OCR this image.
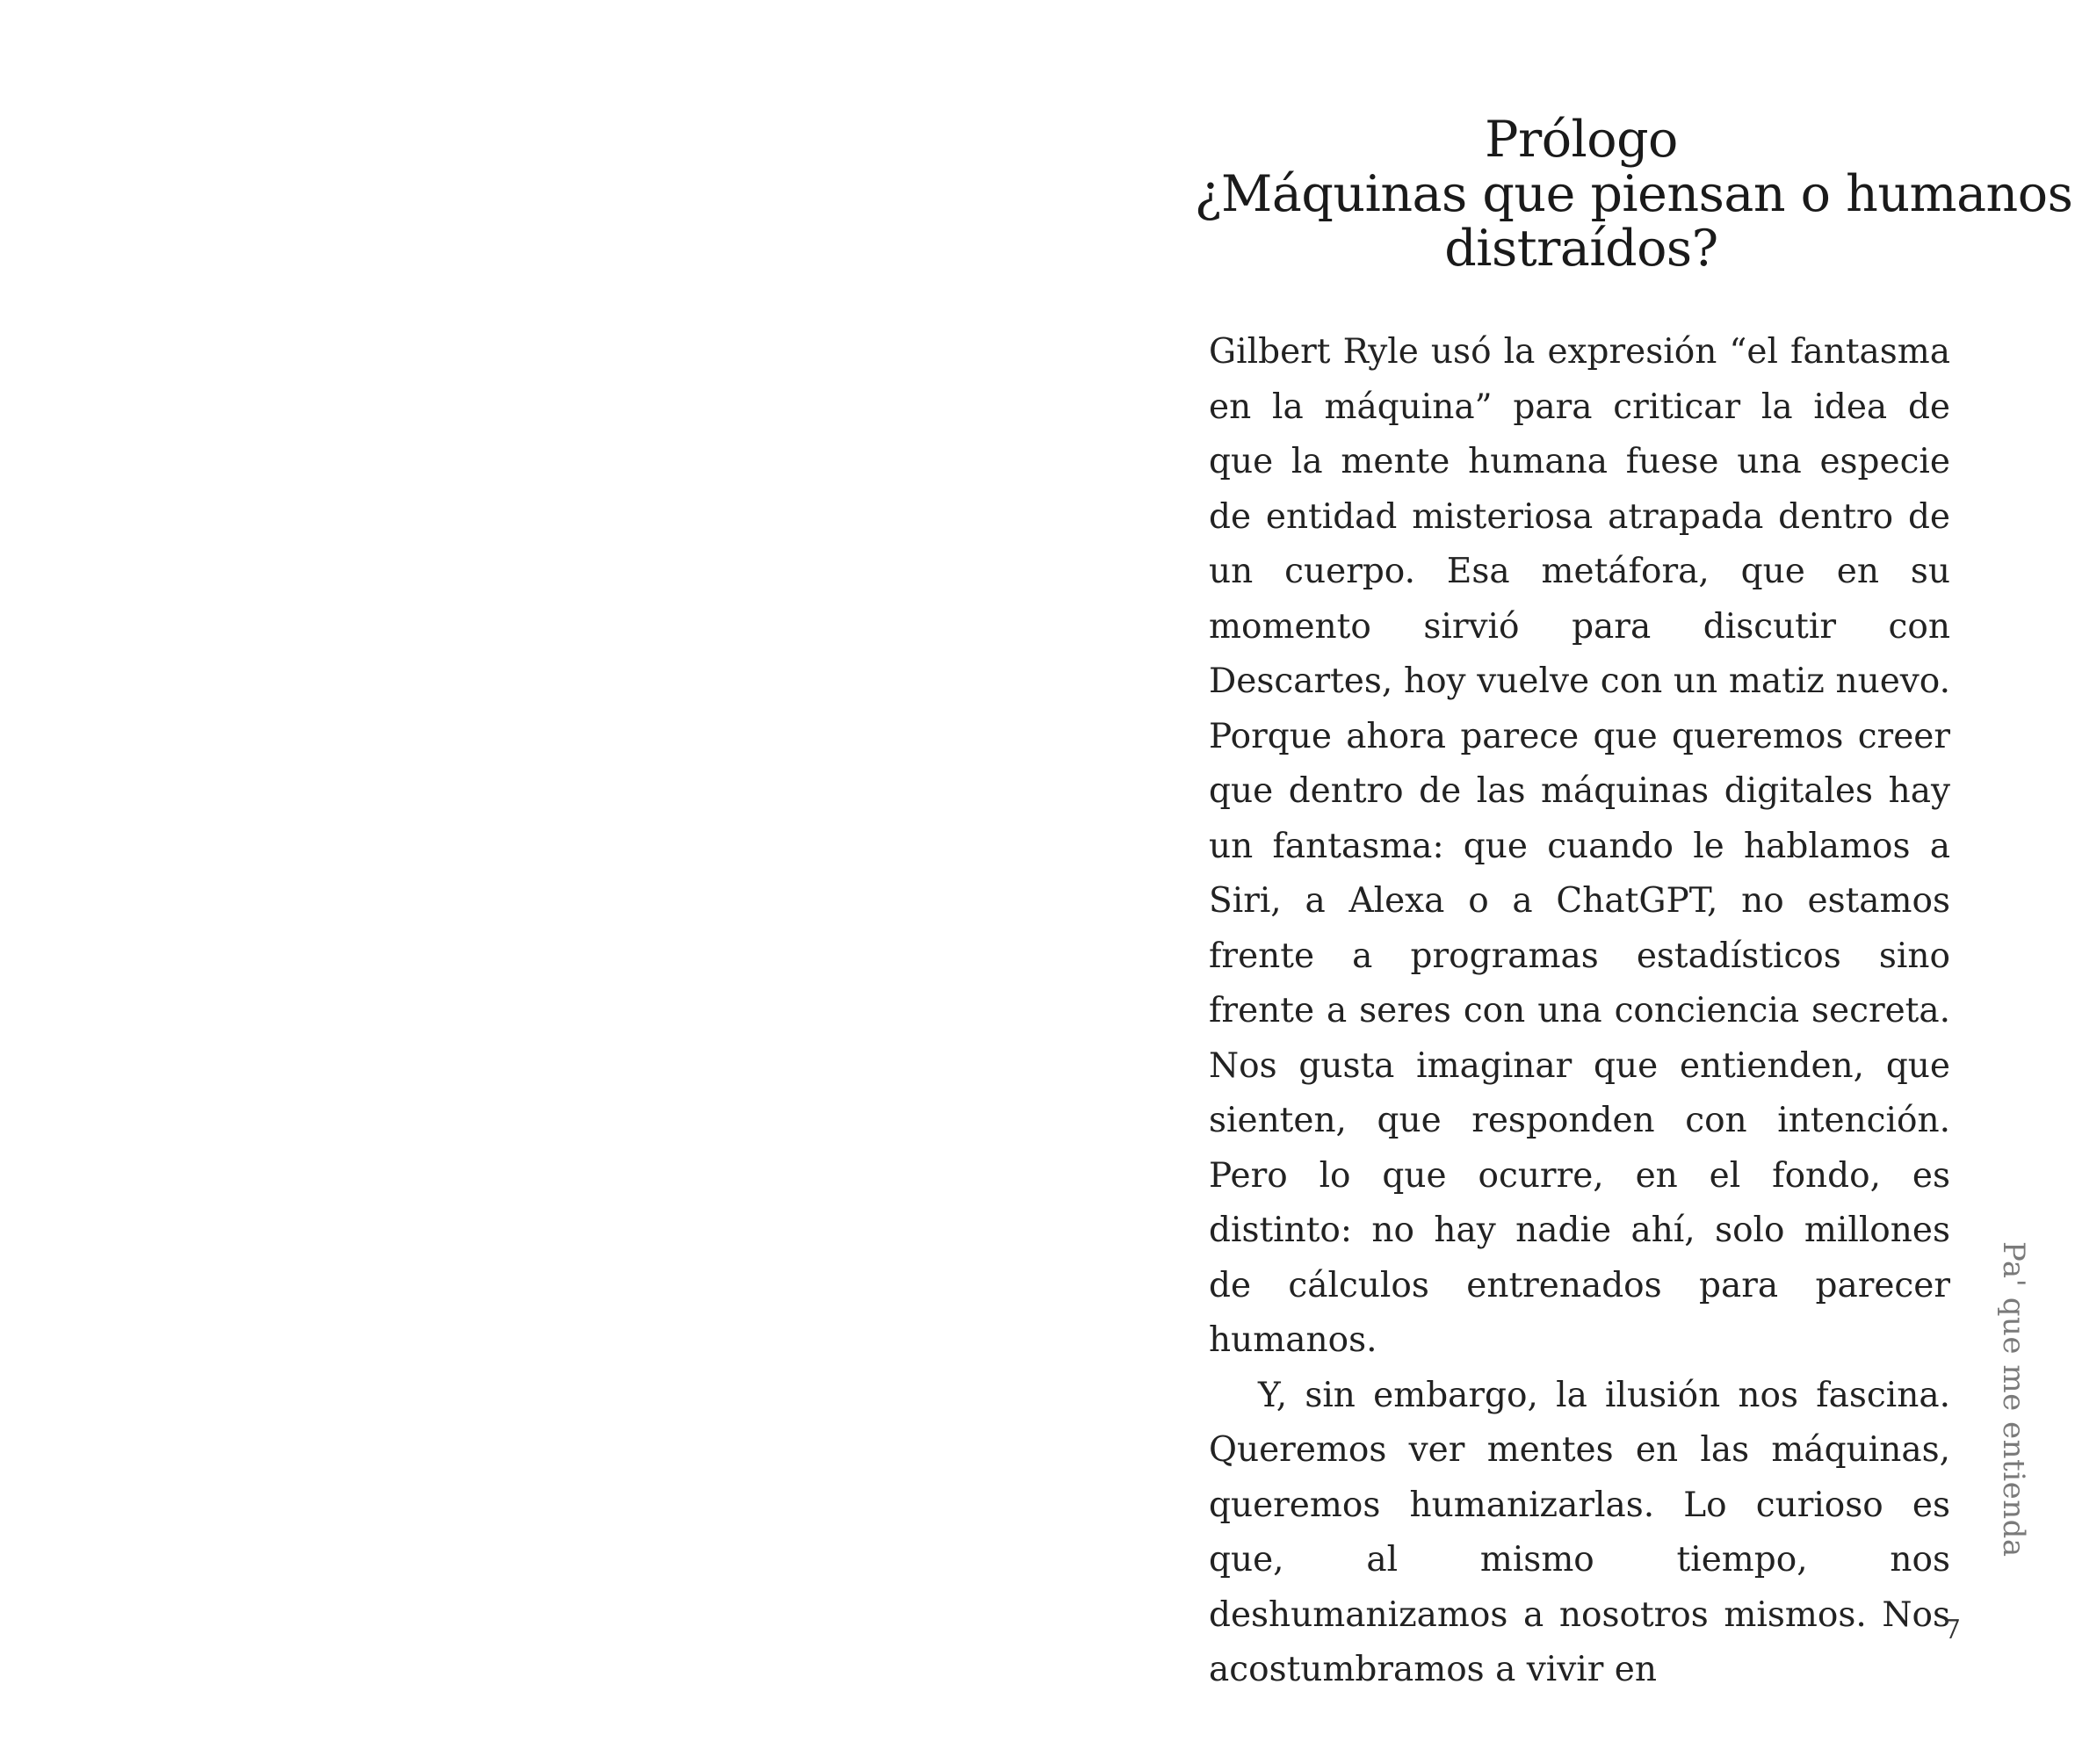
Prólogo
¿Máquinas que piensan o humanos
distraídos?

Gilbert Ryle usó la expresión “el fantasma en la máquina” para criticar la idea de que la mente humana fuese una especie de entidad misteriosa atrapada dentro de un cuerpo. Esa metáfora, que en su momento sirvió para discutir con Descartes, hoy vuelve con un matiz nuevo. Porque ahora parece que queremos creer que dentro de las máquinas digitales hay un fantasma: que cuando le hablamos a Siri, a Alexa o a ChatGPT, no estamos frente a programas estadísticos sino frente a seres con una conciencia secreta. Nos gusta imaginar que entienden, que sienten, que responden con intención. Pero lo que ocurre, en el fondo, es distinto: no hay nadie ahí, solo millones de cálculos entrenados para parecer humanos.

Y, sin embargo, la ilusión nos fascina. Queremos ver mentes en las máquinas, queremos humanizarlas. Lo curioso es que, al mismo tiempo, nos deshumanizamos a nosotros mismos. Nos acostumbramos a vivir en

Pa' que me entienda
7
